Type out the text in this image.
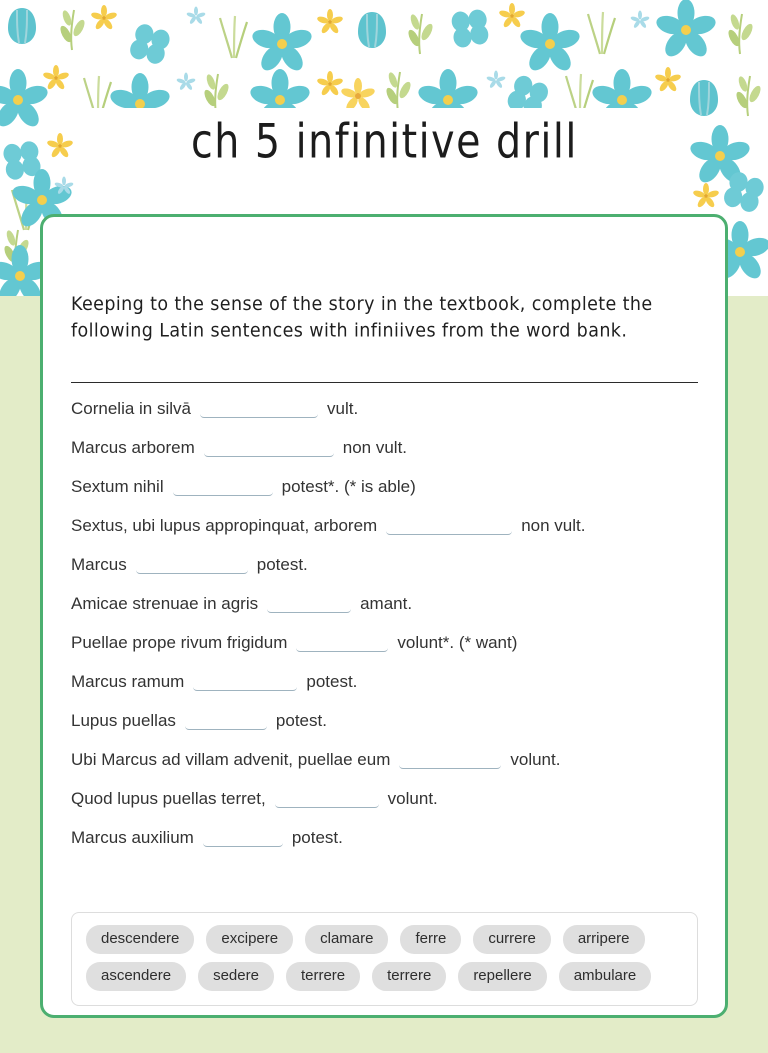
ch 5 infinitive drill
Keeping to the sense of the story in the textbook, complete the following Latin sentences with infiniives from the word bank.
Cornelia in silvā	vult.
Marcus arborem	non vult.
Sextum nihil	potest*. (* is able)
Sextus, ubi lupus appropinquat, arborem	non vult.
Marcus	potest.
Amicae strenuae in agris	amant.
Puellae prope rivum frigidum	volunt*. (* want)
Marcus ramum	potest.
Lupus puellas	potest.
Ubi Marcus ad villam advenit, puellae eum	volunt.
Quod lupus puellas terret,	volunt.
Marcus auxilium	potest.
descendere	excipere	clamare	ferre	currere	arripere
ascendere	sedere	terrere	terrere	repellere	ambulare
